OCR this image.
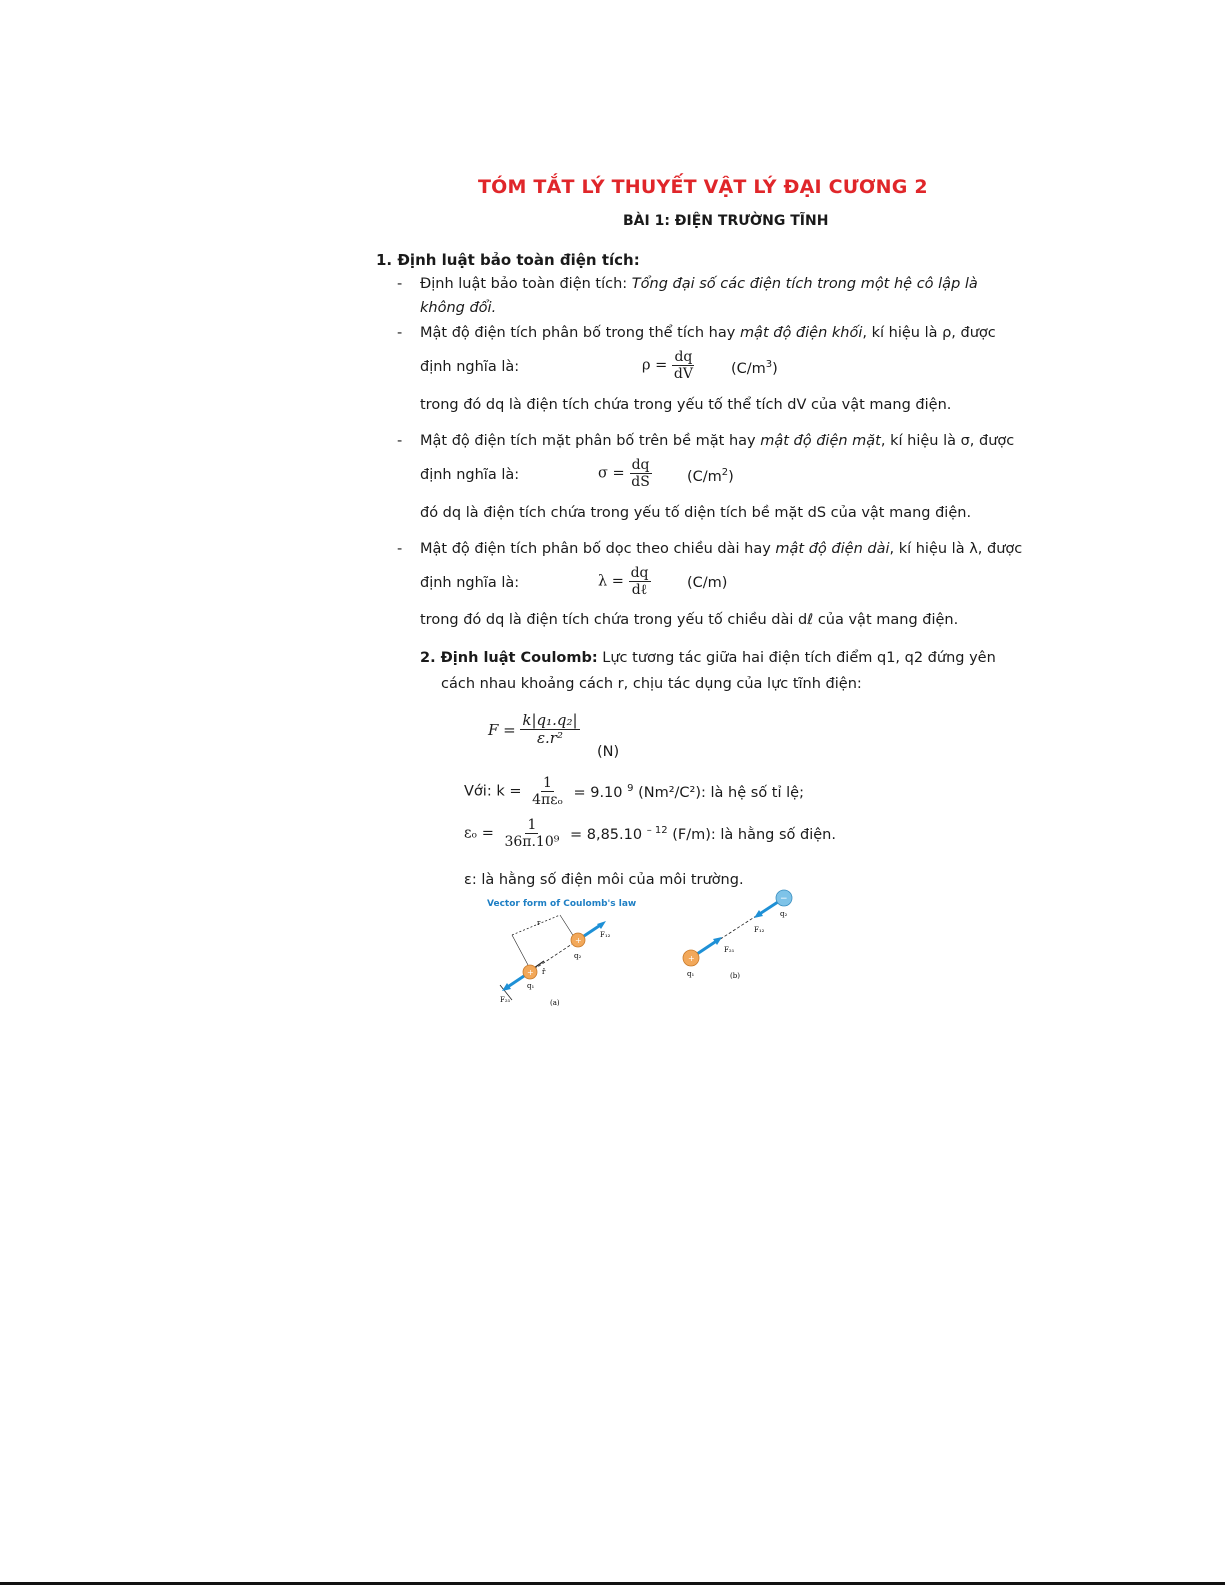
TÓM TẮT LÝ THUYẾT VẬT LÝ ĐẠI CƯƠNG 2
BÀI 1: ĐIỆN TRƯỜNG TĨNH
1. Định luật bảo toàn điện tích:
- Định luật bảo toàn điện tích: Tổng đại số các điện tích trong một hệ cô lập là
không đổi.
- Mật độ điện tích phân bố trong thể tích hay mật độ điện khối, kí hiệu là ρ, được
định nghĩa là:	$\rho = \frac{dq}{dV} (C/m^3)$
trong đó dq là điện tích chứa trong yếu tố thể tích dV của vật mang điện.
- Mật độ điện tích mặt phân bố trên bề mặt hay mật độ điện mặt, kí hiệu là σ, được
định nghĩa là:	$\sigma = \frac{dq}{dS} (C/m^2)$
đó dq là điện tích chứa trong yếu tố diện tích bề mặt dS của vật mang điện.
- Mật độ điện tích phân bố dọc theo chiều dài hay mật độ điện dài, kí hiệu là λ, được
định nghĩa là:	$\lambda = \frac{dq}{\text{dℓ}}$	(C/m)
trong đó dq là điện tích chứa trong yếu tố chiều dài dℓ của vật mang điện.
2. Định luật Coulomb: Lực tương tác giữa hai điện tích điểm q1, q2 đứng yên
cách nhau khoảng cách r, chịu tác dụng của lực tĩnh điện:
$F = \frac{\text{k|q₁.q₂|}}{\text{ε.r²}}$
(N)
Với: $k = \frac{1}{\text{4πεₒ}} = 9.10$ $^9$ (Nm²/C²): là hệ số tỉ lệ;
$\varepsilon_o = \frac{1}{\text{36π.10⁹}} = 8,85.10$ $^{- 12}$ (F/m): là hằng số điện.
ε: là hằng số điện môi của môi trường.
Vector form of Coulomb's law
+
+
F₁₂
F₂₁
q₁
q₂
r̂
r
(a)
+
−
F₂₁
F₁₂
q₁
q₂
(b)
